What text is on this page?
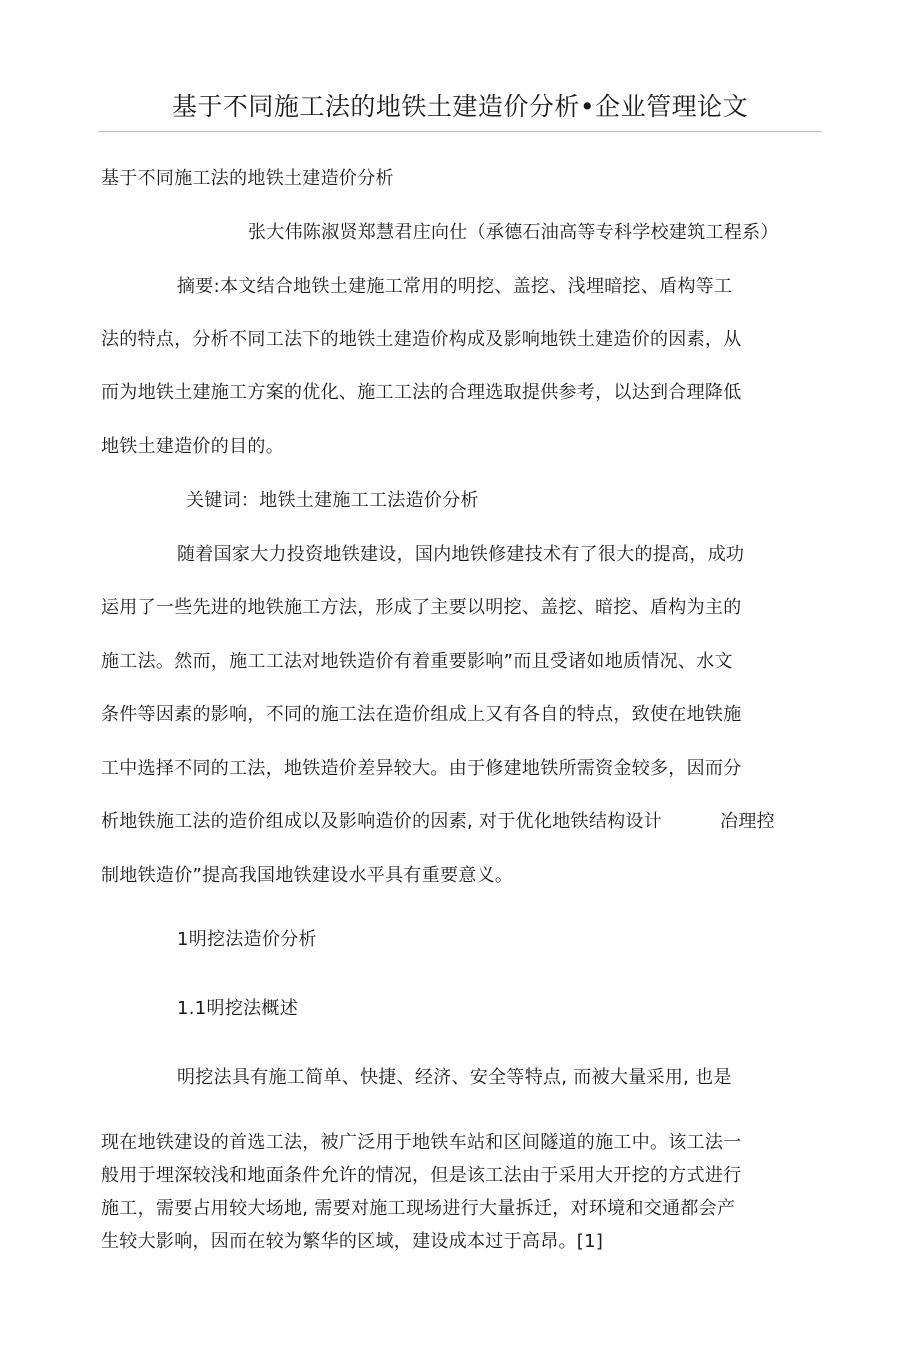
基于不同施工法的地铁土建造价分析•企业管理论文
基于不同施工法的地铁土建造价分析
张大伟陈淑贤郑慧君庄向仕（承德石油高等专科学校建筑工程系）
摘要:本文结合地铁土建施工常用的明挖、盖挖、浅埋暗挖、盾构等工
法的特点，分析不同工法下的地铁土建造价构成及影响地铁土建造价的因素，从
而为地铁土建施工方案的优化、施工工法的合理选取提供参考，以达到合理降低
地铁土建造价的目的。
关键词：地铁土建施工工法造价分析
随着国家大力投资地铁建设，国内地铁修建技术有了很大的提高，成功
运用了一些先进的地铁施工方法，形成了主要以明挖、盖挖、暗挖、盾构为主的
施工法。然而，施工工法对地铁造价有着重要影响”而且受诸如地质情况、水文
条件等因素的影响，不同的施工法在造价组成上又有各自的特点，致使在地铁施
工中选择不同的工法，地铁造价差异较大。由于修建地铁所需资金较多，因而分
析地铁施工法的造价组成以及影响造价的因素, 对于优化地铁结构设计	冶理控
制地铁造价”提高我国地铁建设水平具有重要意义。
1明挖法造价分析
1.1明挖法概述
明挖法具有施工简单、快捷、经济、安全等特点, 而被大量采用, 也是
现在地铁建设的首选工法，被广泛用于地铁车站和区间隧道的施工中。该工法一
般用于埋深较浅和地面条件允许的情况，但是该工法由于采用大开挖的方式进行
施工，需要占用较大场地, 需要对施工现场进行大量拆迁，对环境和交通都会产
生较大影响，因而在较为繁华的区域，建设成本过于高昂。[1]
